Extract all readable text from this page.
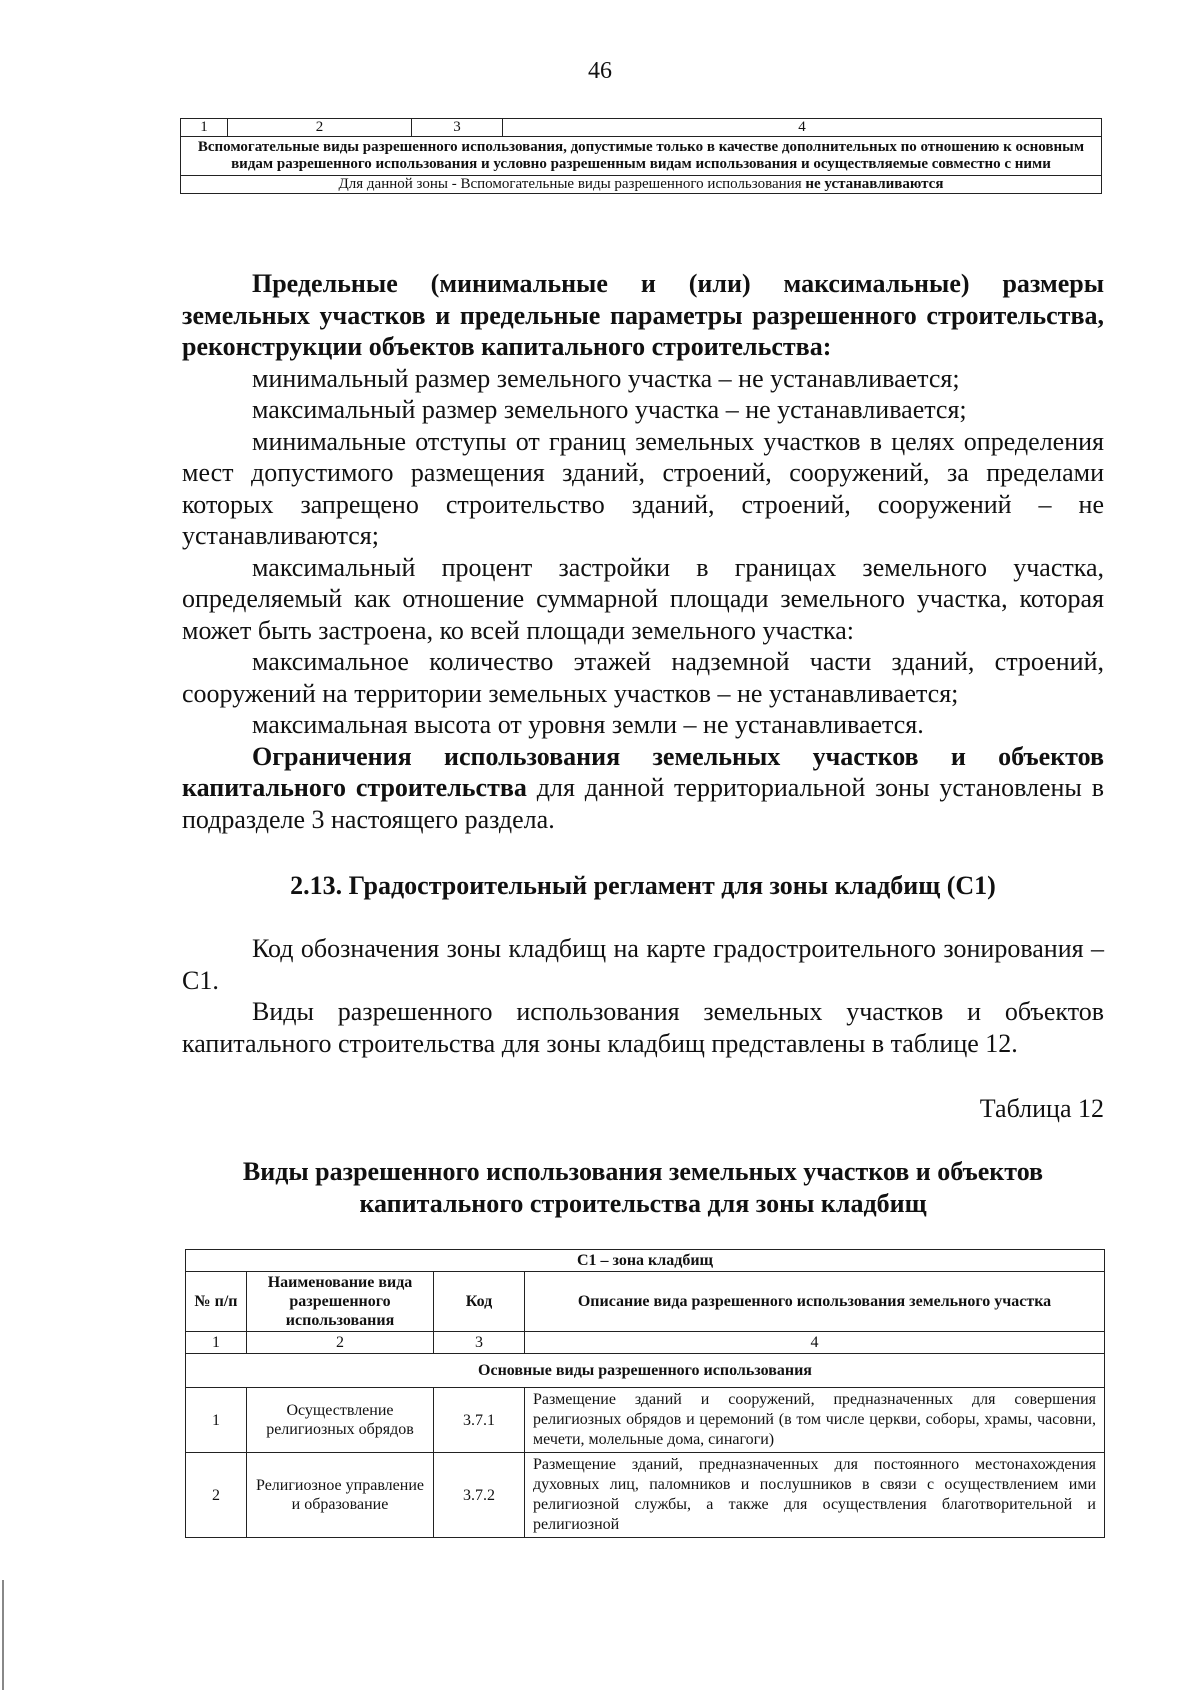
46
1	2	3	4
Вспомогательные виды разрешенного использования, допустимые только в качестве дополнительных по отношению к основным видам разрешенного использования и условно разрешенным видам использования и осуществляемые совместно с ними
Для данной зоны - Вспомогательные виды разрешенного использования не устанавливаются

Предельные (минимальные и (или) максимальные) размеры земельных участков и предельные параметры разрешенного строительства, реконструкции объектов капитального строительства:

минимальный размер земельного участка – не устанавливается;

максимальный размер земельного участка – не устанавливается;

минимальные отступы от границ земельных участков в целях определения мест допустимого размещения зданий, строений, сооружений, за пределами которых запрещено строительство зданий, строений, сооружений – не устанавливаются;

максимальный процент застройки в границах земельного участка, определяемый как отношение суммарной площади земельного участка, которая может быть застроена, ко всей площади земельного участка:

максимальное количество этажей надземной части зданий, строений, сооружений на территории земельных участков – не устанавливается;

максимальная высота от уровня земли – не устанавливается.

Ограничения использования земельных участков и объектов капитального строительства для данной территориальной зоны установлены в подразделе 3 настоящего раздела.

2.13. Градостроительный регламент для зоны кладбищ (С1)

Код обозначения зоны кладбищ на карте градостроительного зонирования – С1.

Виды разрешенного использования земельных участков и объектов капитального строительства для зоны кладбищ представлены в таблице 12.

Таблица 12

Виды разрешенного использования земельных участков и объектов

капитального строительства для зоны кладбищ

С1 – зона кладбищ			
№ п/п	Наименование вида разрешенного использования	Код	Описание вида разрешенного использования земельного участка
1	2	3	4
Основные виды разрешенного использования			
1	Осуществление религиозных обрядов	3.7.1	Размещение зданий и сооружений, предназначенных для совершения религиозных обрядов и церемоний (в том числе церкви, соборы, храмы, часовни, мечети, молельные дома, синагоги)
2	Религиозное управление и образование	3.7.2	Размещение зданий, предназначенных для постоянного местонахождения духовных лиц, паломников и послушников в связи с осуществлением ими религиозной службы, а также для осуществления благотворительной и религиозной
